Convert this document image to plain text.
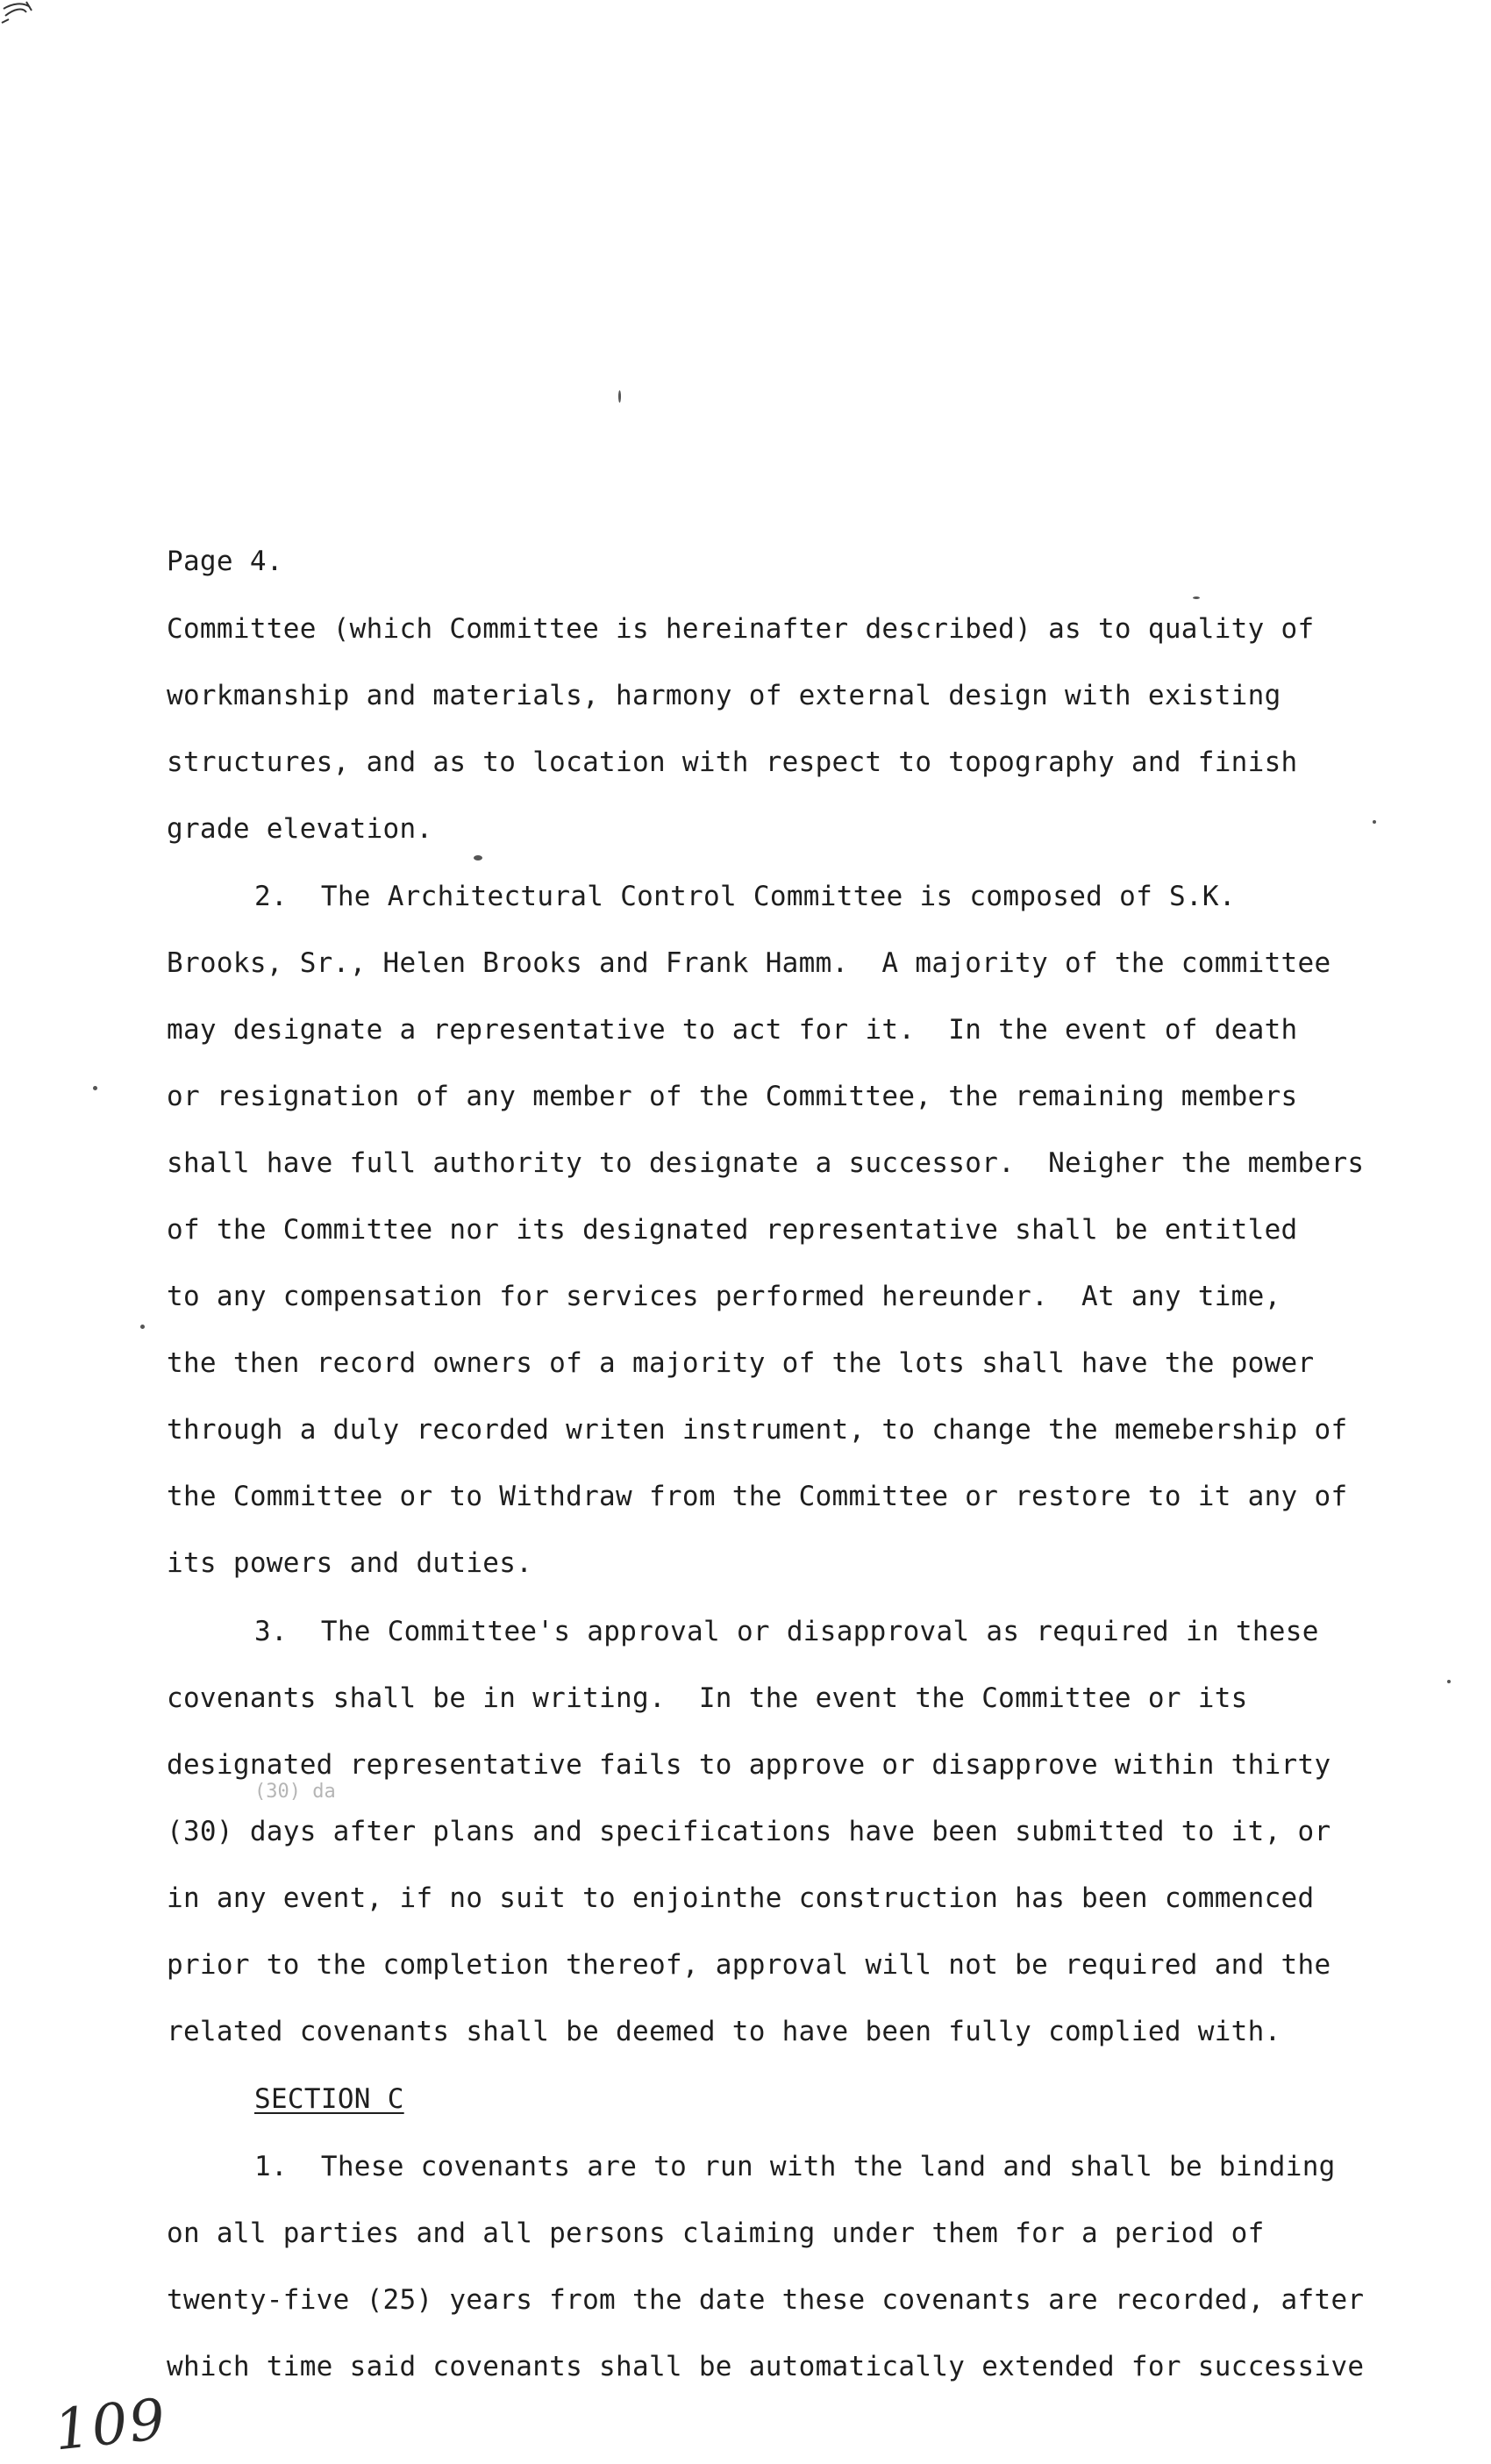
Page 4.
Committee (which Committee is hereinafter described) as to quality of
workmanship and materials, harmony of external design with existing
structures, and as to location with respect to topography and finish
grade elevation.
2.  The Architectural Control Committee is composed of S.K.
Brooks, Sr., Helen Brooks and Frank Hamm.  A majority of the committee
may designate a representative to act for it.  In the event of death
or resignation of any member of the Committee, the remaining members
shall have full authority to designate a successor.  Neigher the members
of the Committee nor its designated representative shall be entitled
to any compensation for services performed hereunder.  At any time,
the then record owners of a majority of the lots shall have the power
through a duly recorded writen instrument, to change the memebership of
the Committee or to Withdraw from the Committee or restore to it any of
its powers and duties.
3.  The Committee's approval or disapproval as required in these
covenants shall be in writing.  In the event the Committee or its
designated representative fails to approve or disapprove within thirty
(30) da
(30) days after plans and specifications have been submitted to it, or
in any event, if no suit to enjointhe construction has been commenced
prior to the completion thereof, approval will not be required and the
related covenants shall be deemed to have been fully complied with.
SECTION C
1.  These covenants are to run with the land and shall be binding
on all parties and all persons claiming under them for a period of
twenty-five (25) years from the date these covenants are recorded, after
which time said covenants shall be automatically extended for successive
109
